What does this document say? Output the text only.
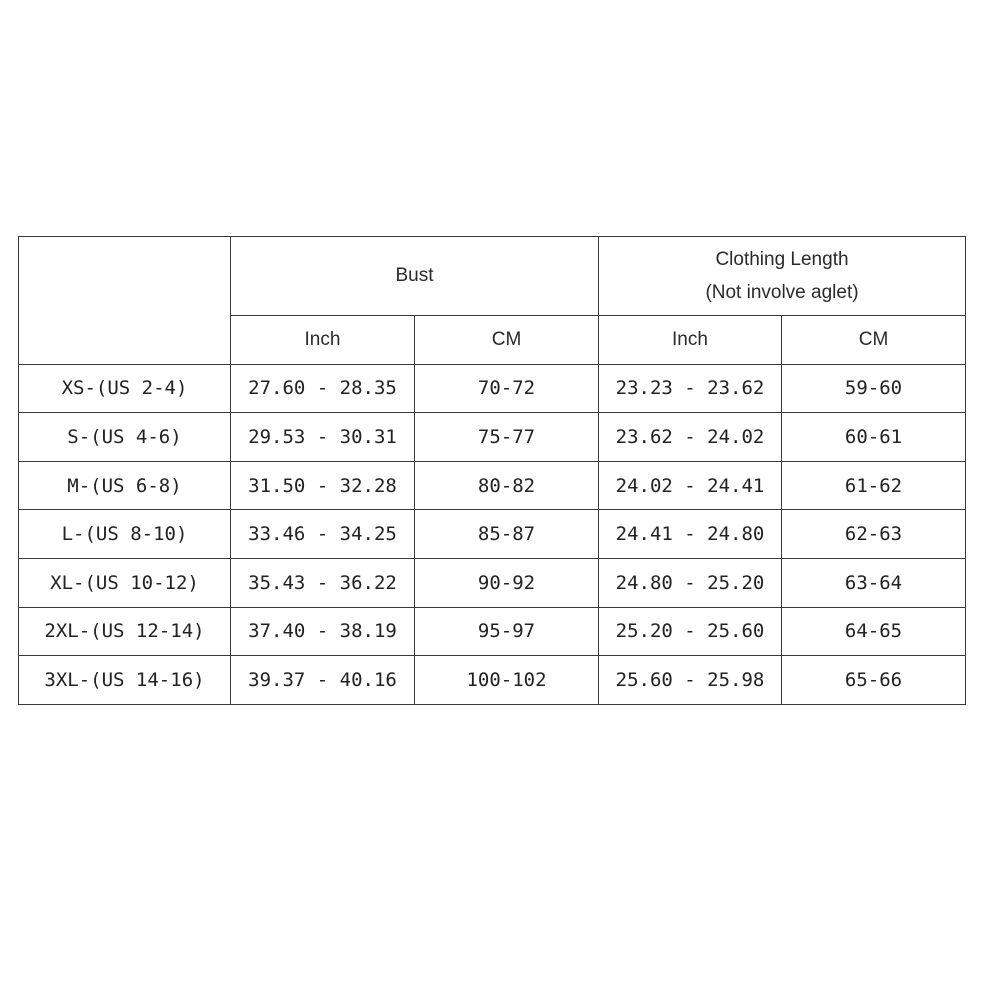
	Bust		Clothing Length
(Not involve aglet)	

	Inch	CM	Inch	CM
XS-(US 2-4)	27.60 - 28.35	70-72	23.23 - 23.62	59-60
S-(US 4-6)	29.53 - 30.31	75-77	23.62 - 24.02	60-61
M-(US 6-8)	31.50 - 32.28	80-82	24.02 - 24.41	61-62
L-(US 8-10)	33.46 - 34.25	85-87	24.41 - 24.80	62-63
XL-(US 10-12)	35.43 - 36.22	90-92	24.80 - 25.20	63-64
2XL-(US 12-14)	37.40 - 38.19	95-97	25.20 - 25.60	64-65
3XL-(US 14-16)	39.37 - 40.16	100-102	25.60 - 25.98	65-66
